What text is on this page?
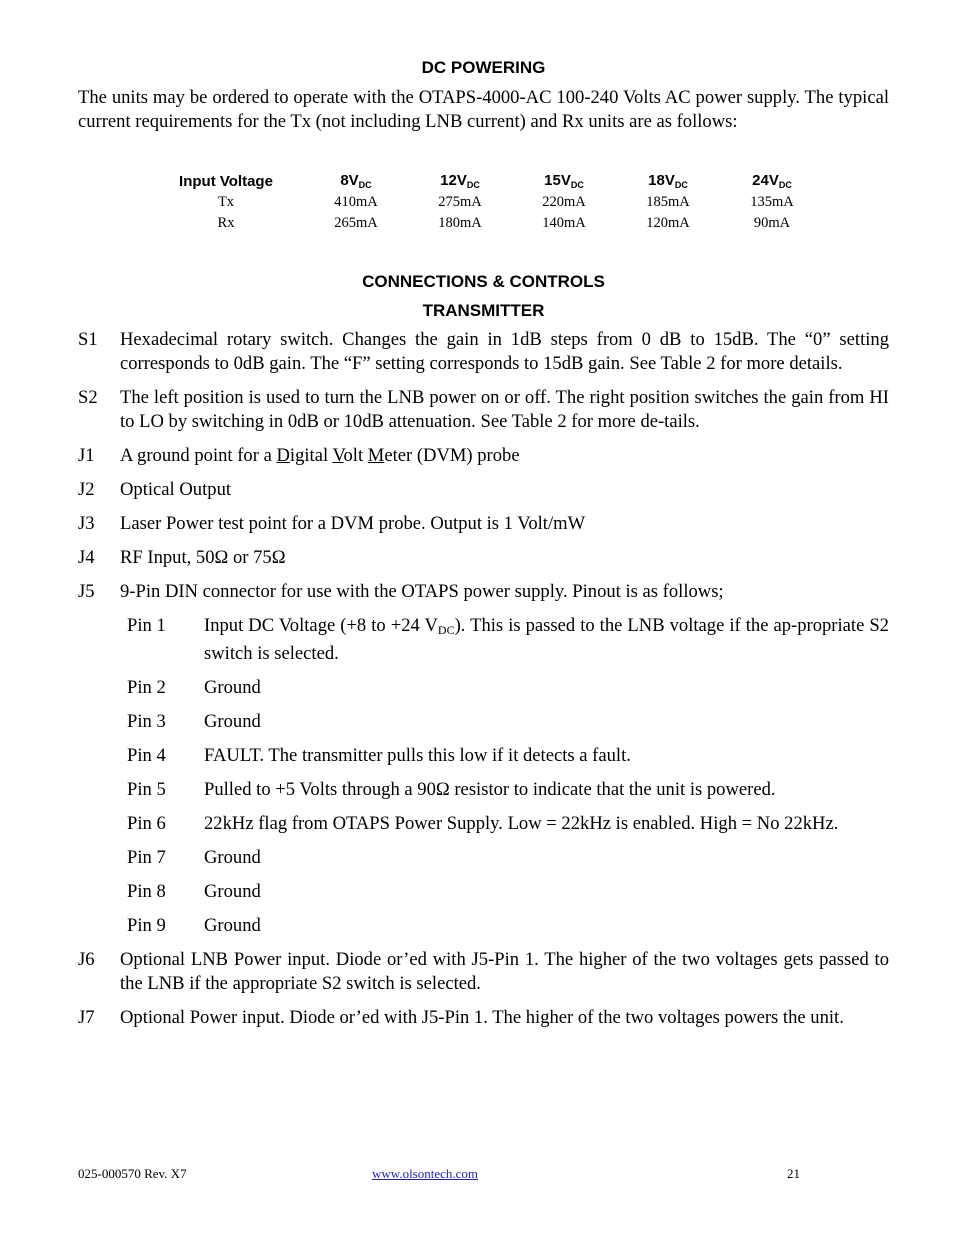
DC POWERING

The units may be ordered to operate with the OTAPS-4000-AC 100-240 Volts AC power supply. The typical current requirements for the Tx (not including LNB current) and Rx units are as follows:

Input Voltage	$8V_{DC}$	$12V_{DC}$	$15V_{DC}$	$18V_{DC}$	$24V_{DC}$
Tx	410mA	275mA	220mA	185mA	135mA
Rx	265mA	180mA	140mA	120mA	90mA
CONNECTIONS & CONTROLS
TRANSMITTER
S1	Hexadecimal rotary switch. Changes the gain in 1dB steps from 0 dB to 15dB. The “0” setting corresponds to 0dB gain. The “F” setting corresponds to 15dB gain. See Table 2 for more details.
S2	The left position is used to turn the LNB power on or off. The right position switches the gain from HI to LO by switching in 0dB or 10dB attenuation. See Table 2 for more de-tails.
J1	A ground point for a Digital Volt Meter (DVM) probe
J2	Optical Output
J3	Laser Power test point for a DVM probe. Output is 1 Volt/mW
J4	RF Input, 50Ω or 75Ω
J5	9-Pin DIN connector for use with the OTAPS power supply. Pinout is as follows;
Pin 1	Input DC Voltage (+8 to +24 $V_{DC}$). This is passed to the LNB voltage if the ap-propriate S2 switch is selected.
Pin 2	Ground
Pin 3	Ground
Pin 4	FAULT. The transmitter pulls this low if it detects a fault.
Pin 5	Pulled to +5 Volts through a 90Ω resistor to indicate that the unit is powered.
Pin 6	22kHz flag from OTAPS Power Supply. Low = 22kHz is enabled. High = No 22kHz.
Pin 7	Ground
Pin 8	Ground
Pin 9	Ground
J6	Optional LNB Power input. Diode or’ed with J5-Pin 1. The higher of the two voltages gets passed to the LNB if the appropriate S2 switch is selected.
J7	Optional Power input. Diode or’ed with J5-Pin 1. The higher of the two voltages powers the unit.
025-000570 Rev. X7	www.olsontech.com	21
